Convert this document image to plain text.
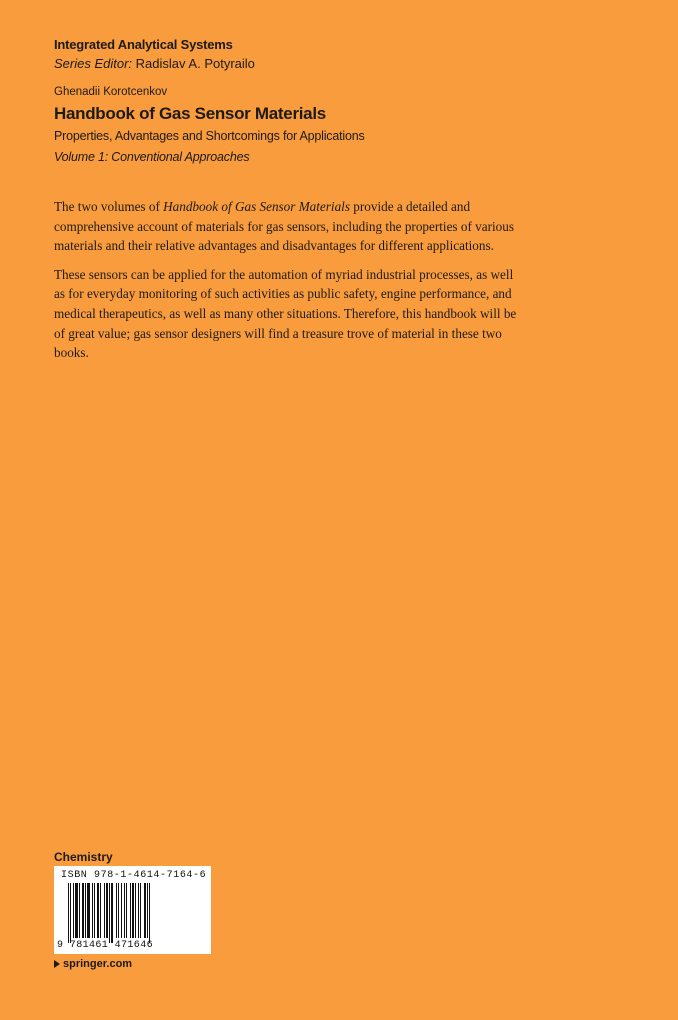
Integrated Analytical Systems
Series Editor: Radislav A. Potyrailo
Ghenadii Korotcenkov
Handbook of Gas Sensor Materials
Properties, Advantages and Shortcomings for Applications
Volume 1: Conventional Approaches

The two volumes of Handbook of Gas Sensor Materials provide a detailed and comprehensive account of materials for gas sensors, including the properties of various materials and their relative advantages and disadvantages for different applications.

These sensors can be applied for the automation of myriad industrial processes, as well as for everyday monitoring of such activities as public safety, engine performance, and medical therapeutics, as well as many other situations. Therefore, this handbook will be of great value; gas sensor designers will find a treasure trove of material in these two books.

Chemistry
ISBN 978-1-4614-7164-6
9 781461 471646
springer.com
